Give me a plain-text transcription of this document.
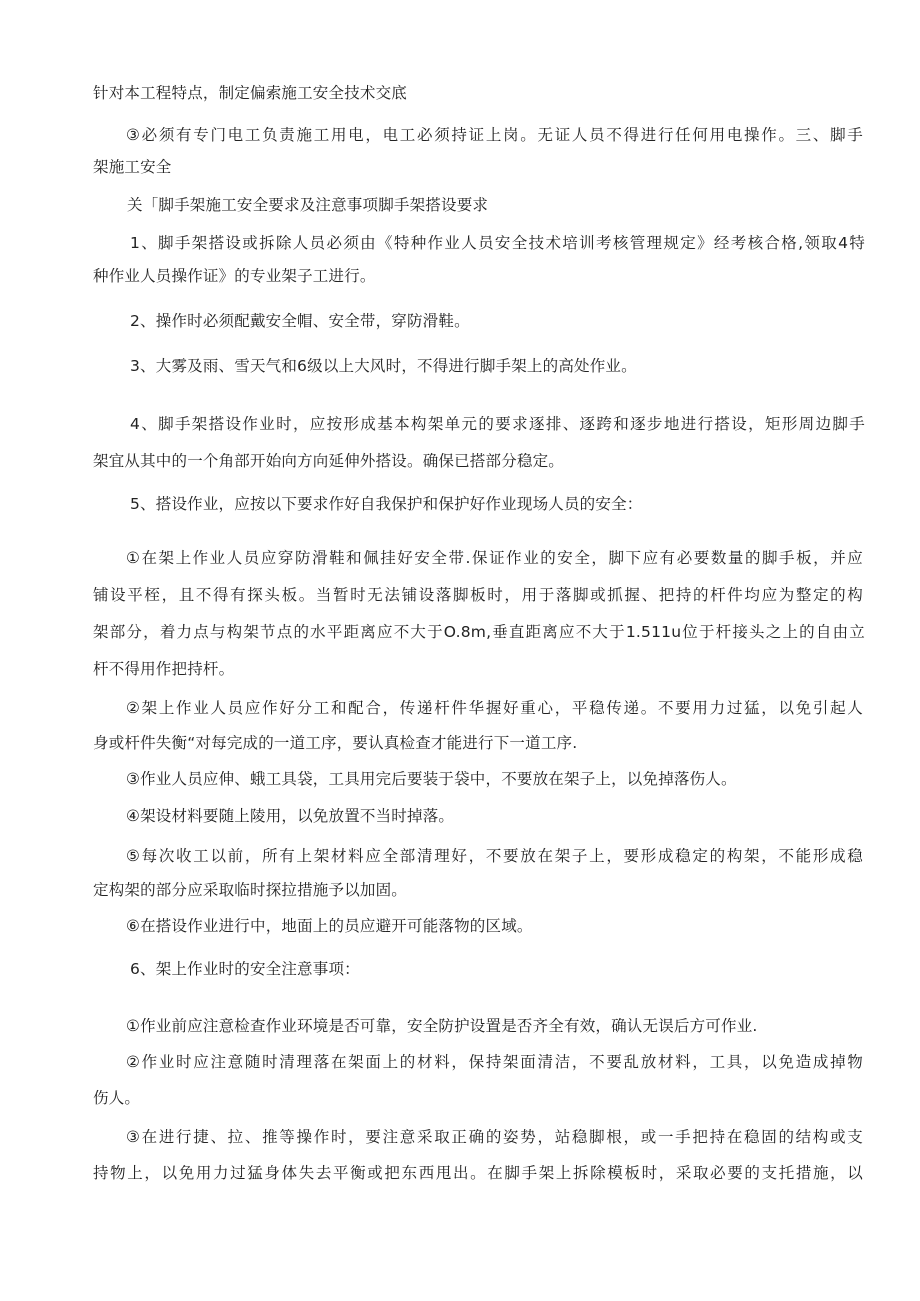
针对本工程特点，制定偏索施工安全技术交底
③必须有专门电工负责施工用电，电工必须持证上岗。无证人员不得进行任何用电操作。三、脚手
架施工安全
关「脚手架施工安全要求及注意事项脚手架搭设要求
1、脚手架搭设或拆除人员必须由《特种作业人员安全技术培训考核管理规定》经考核合格,领取4特
种作业人员操作证》的专业架子工进行。
2、操作时必须配戴安全帽、安全带，穿防滑鞋。
3、大雾及雨、雪天气和6级以上大风时，不得进行脚手架上的高处作业。
4、脚手架搭设作业时，应按形成基本构架单元的要求逐排、逐跨和逐步地进行搭设，矩形周边脚手
架宜从其中的一个角部开始向方向延伸外搭设。确保已搭部分稳定。
5、搭设作业，应按以下要求作好自我保护和保护好作业现场人员的安全：
①在架上作业人员应穿防滑鞋和佩挂好安全带.保证作业的安全，脚下应有必要数量的脚手板，并应
铺设平桎，且不得有探头板。当暂时无法铺设落脚板时，用于落脚或抓握、把持的杆件均应为整定的构
架部分，着力点与构架节点的水平距离应不大于O.8m,垂直距离应不大于1.511u位于杆接头之上的自由立
杆不得用作把持杆。
②架上作业人员应作好分工和配合，传递杆件华握好重心，平稳传递。不要用力过猛，以免引起人
身或杆件失衡“对每完成的一道工序，要认真检查才能进行下一道工序.
③作业人员应伸、蛾工具袋，工具用完后要装于袋中，不要放在架子上，以免掉落伤人。
④架设材料要随上陵用，以免放置不当时掉落。
⑤每次收工以前，所有上架材料应全部清理好，不要放在架子上，要形成稳定的构架，不能形成稳
定构架的部分应采取临时探拉措施予以加固。
⑥在搭设作业进行中，地面上的员应避开可能落物的区域。
6、架上作业时的安全注意事项：
①作业前应注意检查作业环境是否可靠，安全防护设置是否齐全有效，确认无误后方可作业.
②作业时应注意随时清理落在架面上的材料，保持架面清洁，不要乱放材料，工具，以免造成掉物
伤人。
③在进行捷、拉、推等操作时，要注意采取正确的姿势，站稳脚根，或一手把持在稳固的结构或支
持物上，以免用力过猛身体失去平衡或把东西甩出。在脚手架上拆除模板时，采取必要的支托措施，以
